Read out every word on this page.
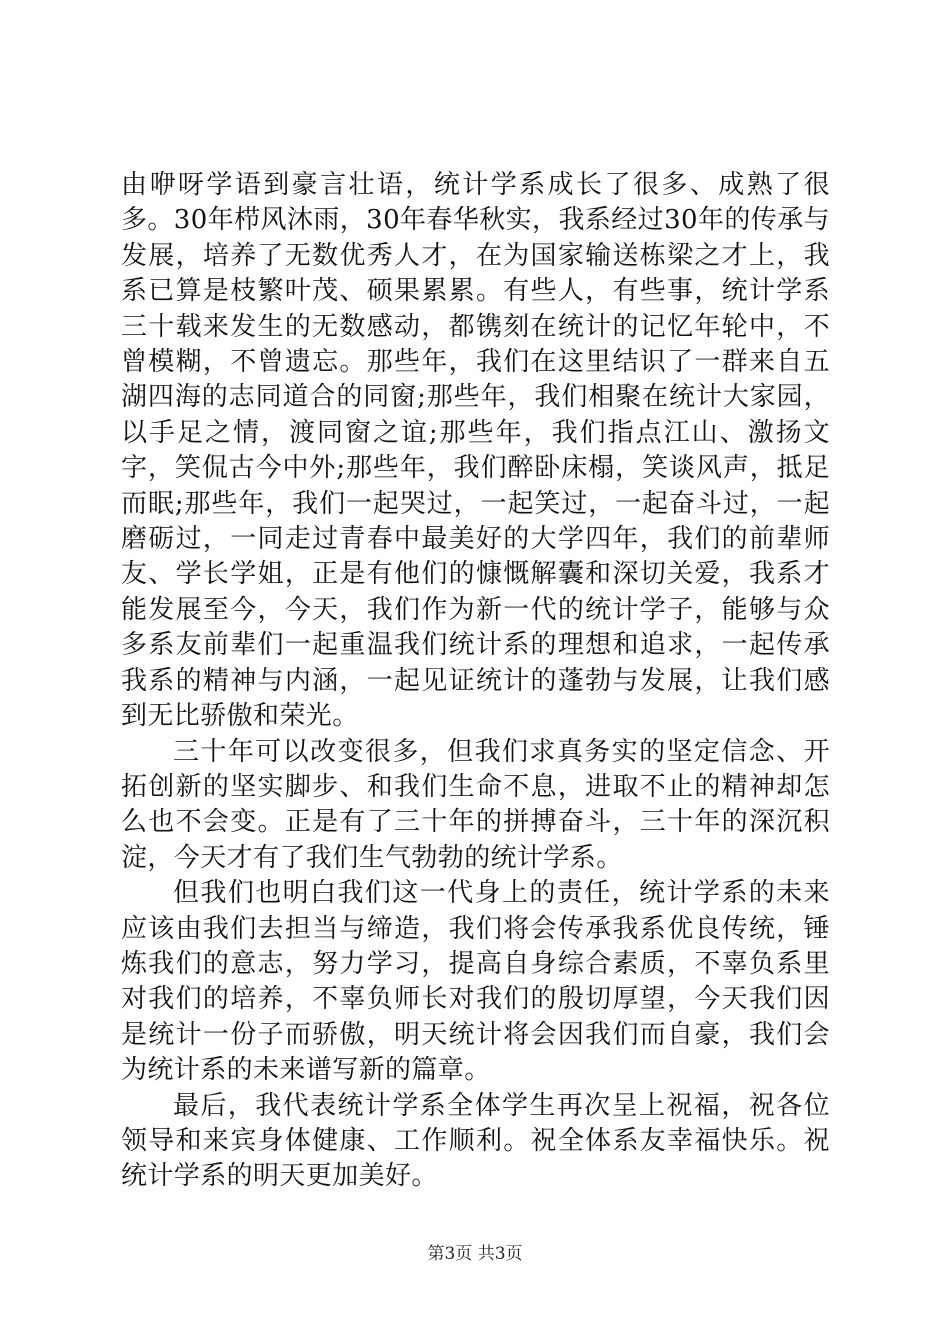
由咿呀学语到豪言壮语，统计学系成长了很多、成熟了很多。30年栉风沐雨，30年春华秋实，我系经过30年的传承与发展，培养了无数优秀人才，在为国家输送栋梁之才上，我系已算是枝繁叶茂、硕果累累。有些人，有些事，统计学系三十载来发生的无数感动，都镌刻在统计的记忆年轮中，不曾模糊，不曾遗忘。那些年，我们在这里结识了一群来自五湖四海的志同道合的同窗;那些年，我们相聚在统计大家园，以手足之情，渡同窗之谊;那些年，我们指点江山、激扬文字，笑侃古今中外;那些年，我们醉卧床榻，笑谈风声，抵足而眠;那些年，我们一起哭过，一起笑过，一起奋斗过，一起磨砺过，一同走过青春中最美好的大学四年，我们的前辈师友、学长学姐，正是有他们的慷慨解囊和深切关爱，我系才能发展至今，今天，我们作为新一代的统计学子，能够与众多系友前辈们一起重温我们统计系的理想和追求，一起传承我系的精神与内涵，一起见证统计的蓬勃与发展，让我们感到无比骄傲和荣光。

三十年可以改变很多，但我们求真务实的坚定信念、开拓创新的坚实脚步、和我们生命不息，进取不止的精神却怎么也不会变。正是有了三十年的拼搏奋斗，三十年的深沉积淀，今天才有了我们生气勃勃的统计学系。

但我们也明白我们这一代身上的责任，统计学系的未来应该由我们去担当与缔造，我们将会传承我系优良传统，锤炼我们的意志，努力学习，提高自身综合素质，不辜负系里对我们的培养，不辜负师长对我们的殷切厚望，今天我们因是统计一份子而骄傲，明天统计将会因我们而自豪，我们会为统计系的未来谱写新的篇章。

最后，我代表统计学系全体学生再次呈上祝福，祝各位领导和来宾身体健康、工作顺利。祝全体系友幸福快乐。祝统计学系的明天更加美好。

第3页 共3页
